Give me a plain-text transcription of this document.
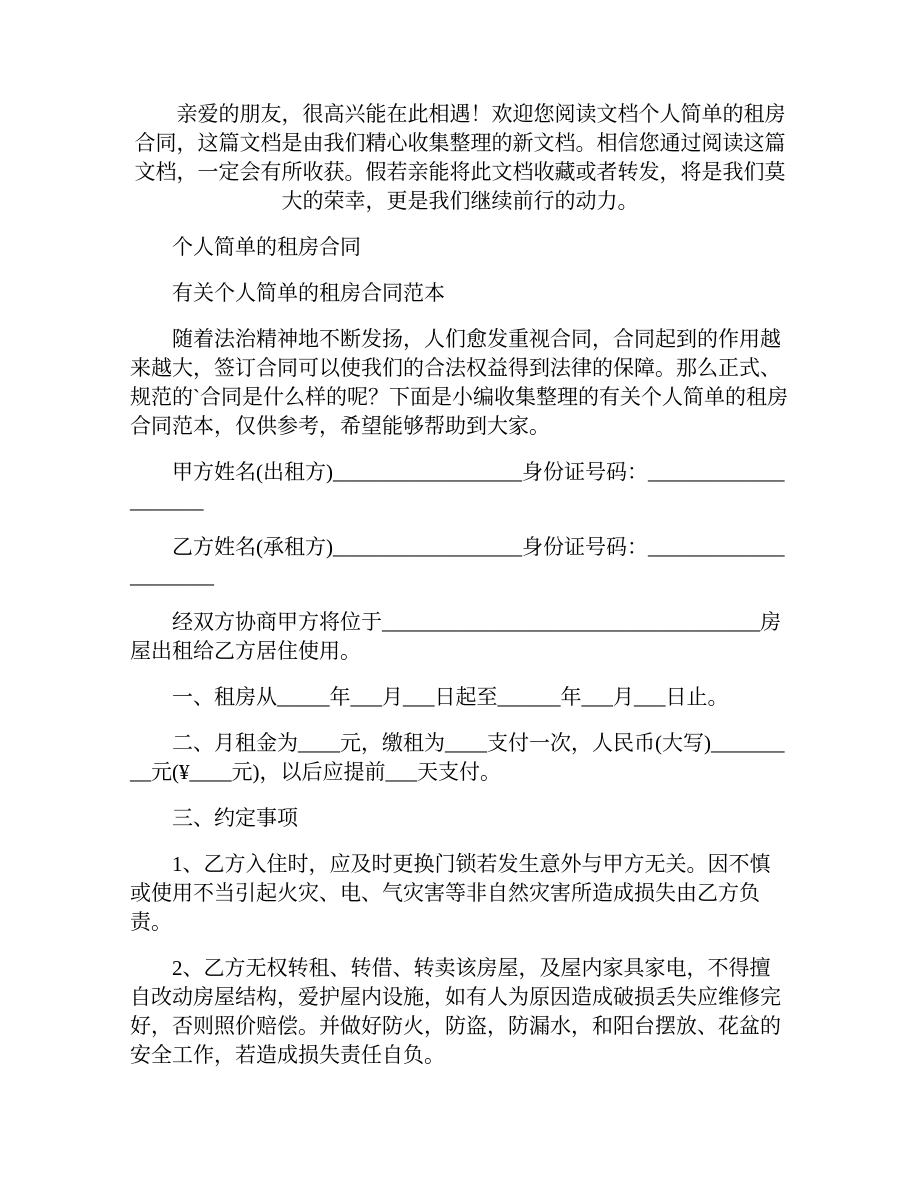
亲爱的朋友，很高兴能在此相遇！欢迎您阅读文档个人简单的租房合同，这篇文档是由我们精心收集整理的新文档。相信您通过阅读这篇文档，一定会有所收获。假若亲能将此文档收藏或者转发，将是我们莫大的荣幸，更是我们继续前行的动力。

个人简单的租房合同

有关个人简单的租房合同范本

随着法治精神地不断发扬，人们愈发重视合同，合同起到的作用越来越大，签订合同可以使我们的合法权益得到法律的保障。那么正式、规范的`合同是什么样的呢？下面是小编收集整理的有关个人简单的租房合同范本，仅供参考，希望能够帮助到大家。

甲方姓名(出租方)__________________身份证号码：____________________

乙方姓名(承租方)__________________身份证号码：_____________________

经双方协商甲方将位于____________________________________房屋出租给乙方居住使用。

一、租房从_____年___月___日起至______年___月___日止。

二、月租金为____元，缴租为____支付一次，人民币(大写)_________元(¥____元)，以后应提前___天支付。

三、约定事项

1、乙方入住时，应及时更换门锁若发生意外与甲方无关。因不慎或使用不当引起火灾、电、气灾害等非自然灾害所造成损失由乙方负责。

2、乙方无权转租、转借、转卖该房屋，及屋内家具家电，不得擅自改动房屋结构，爱护屋内设施，如有人为原因造成破损丢失应维修完好，否则照价赔偿。并做好防火，防盗，防漏水，和阳台摆放、花盆的安全工作，若造成损失责任自负。
